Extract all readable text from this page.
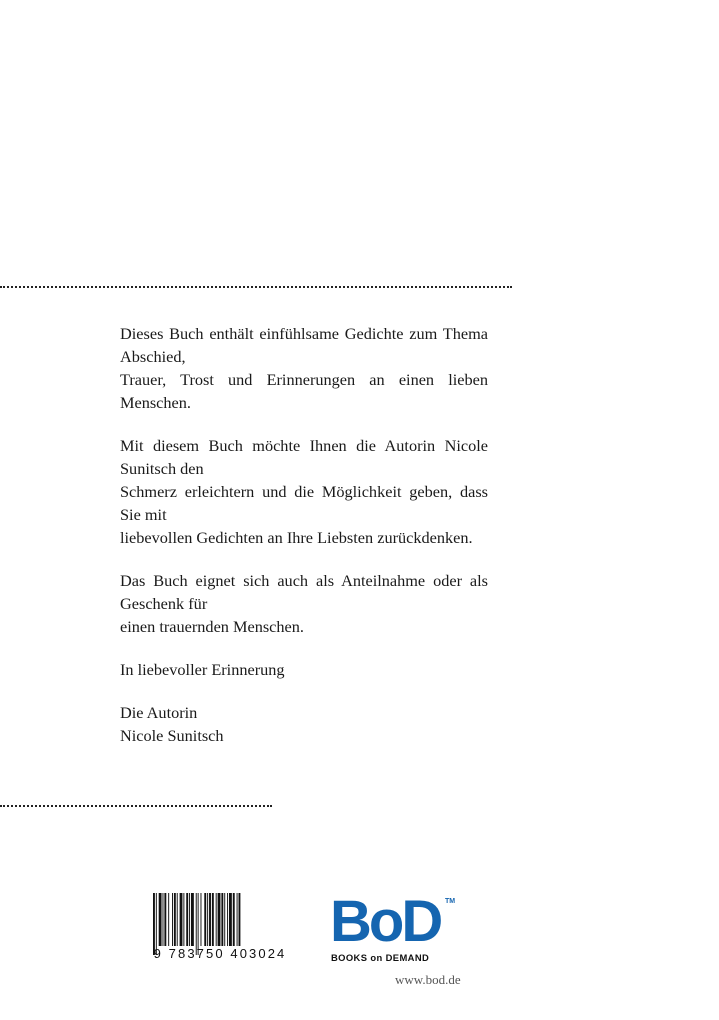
Dieses Buch enthält einfühlsame Gedichte zum Thema Abschied,
Trauer, Trost und Erinnerungen an einen lieben Menschen.

Mit diesem Buch möchte Ihnen die Autorin Nicole Sunitsch den
Schmerz erleichtern und die Möglichkeit geben, dass Sie mit
liebevollen Gedichten an Ihre Liebsten zurückdenken.

Das Buch eignet sich auch als Anteilnahme oder als Geschenk für
einen trauernden Menschen.

In liebevoller Erinnerung

Die Autorin
Nicole Sunitsch

9 783750 403024 BoD TM
BOOKS on DEMAND
www.bod.de
